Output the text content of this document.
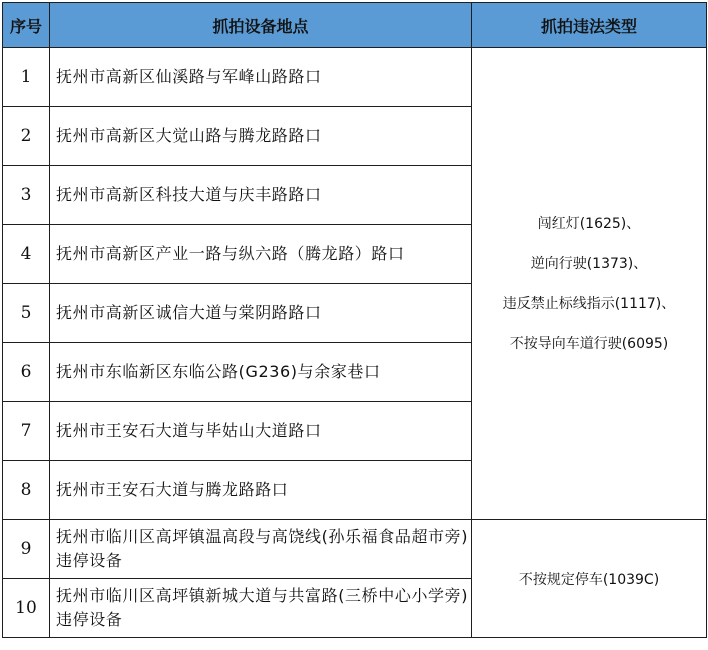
序号	抓拍设备地点	抓拍违法类型
1	抚州市高新区仙溪路与军峰山路路口	闯红灯(1625)、
逆向行驶(1373)、
违反禁止标线指示(1117)、
不按导向车道行驶(6095)

2	抚州市高新区大觉山路与腾龙路路口	
3	抚州市高新区科技大道与庆丰路路口	
4	抚州市高新区产业一路与纵六路（腾龙路）路口	
5	抚州市高新区诚信大道与棠阴路路口	
6	抚州市东临新区东临公路(G236)与余家巷口	
7	抚州市王安石大道与毕姑山大道路口	
8	抚州市王安石大道与腾龙路路口	
9	抚州市临川区高坪镇温高段与高饶线(孙乐福食品超市旁)违停设备	不按规定停车(1039C)
10	抚州市临川区高坪镇新城大道与共富路(三桥中心小学旁)违停设备	
